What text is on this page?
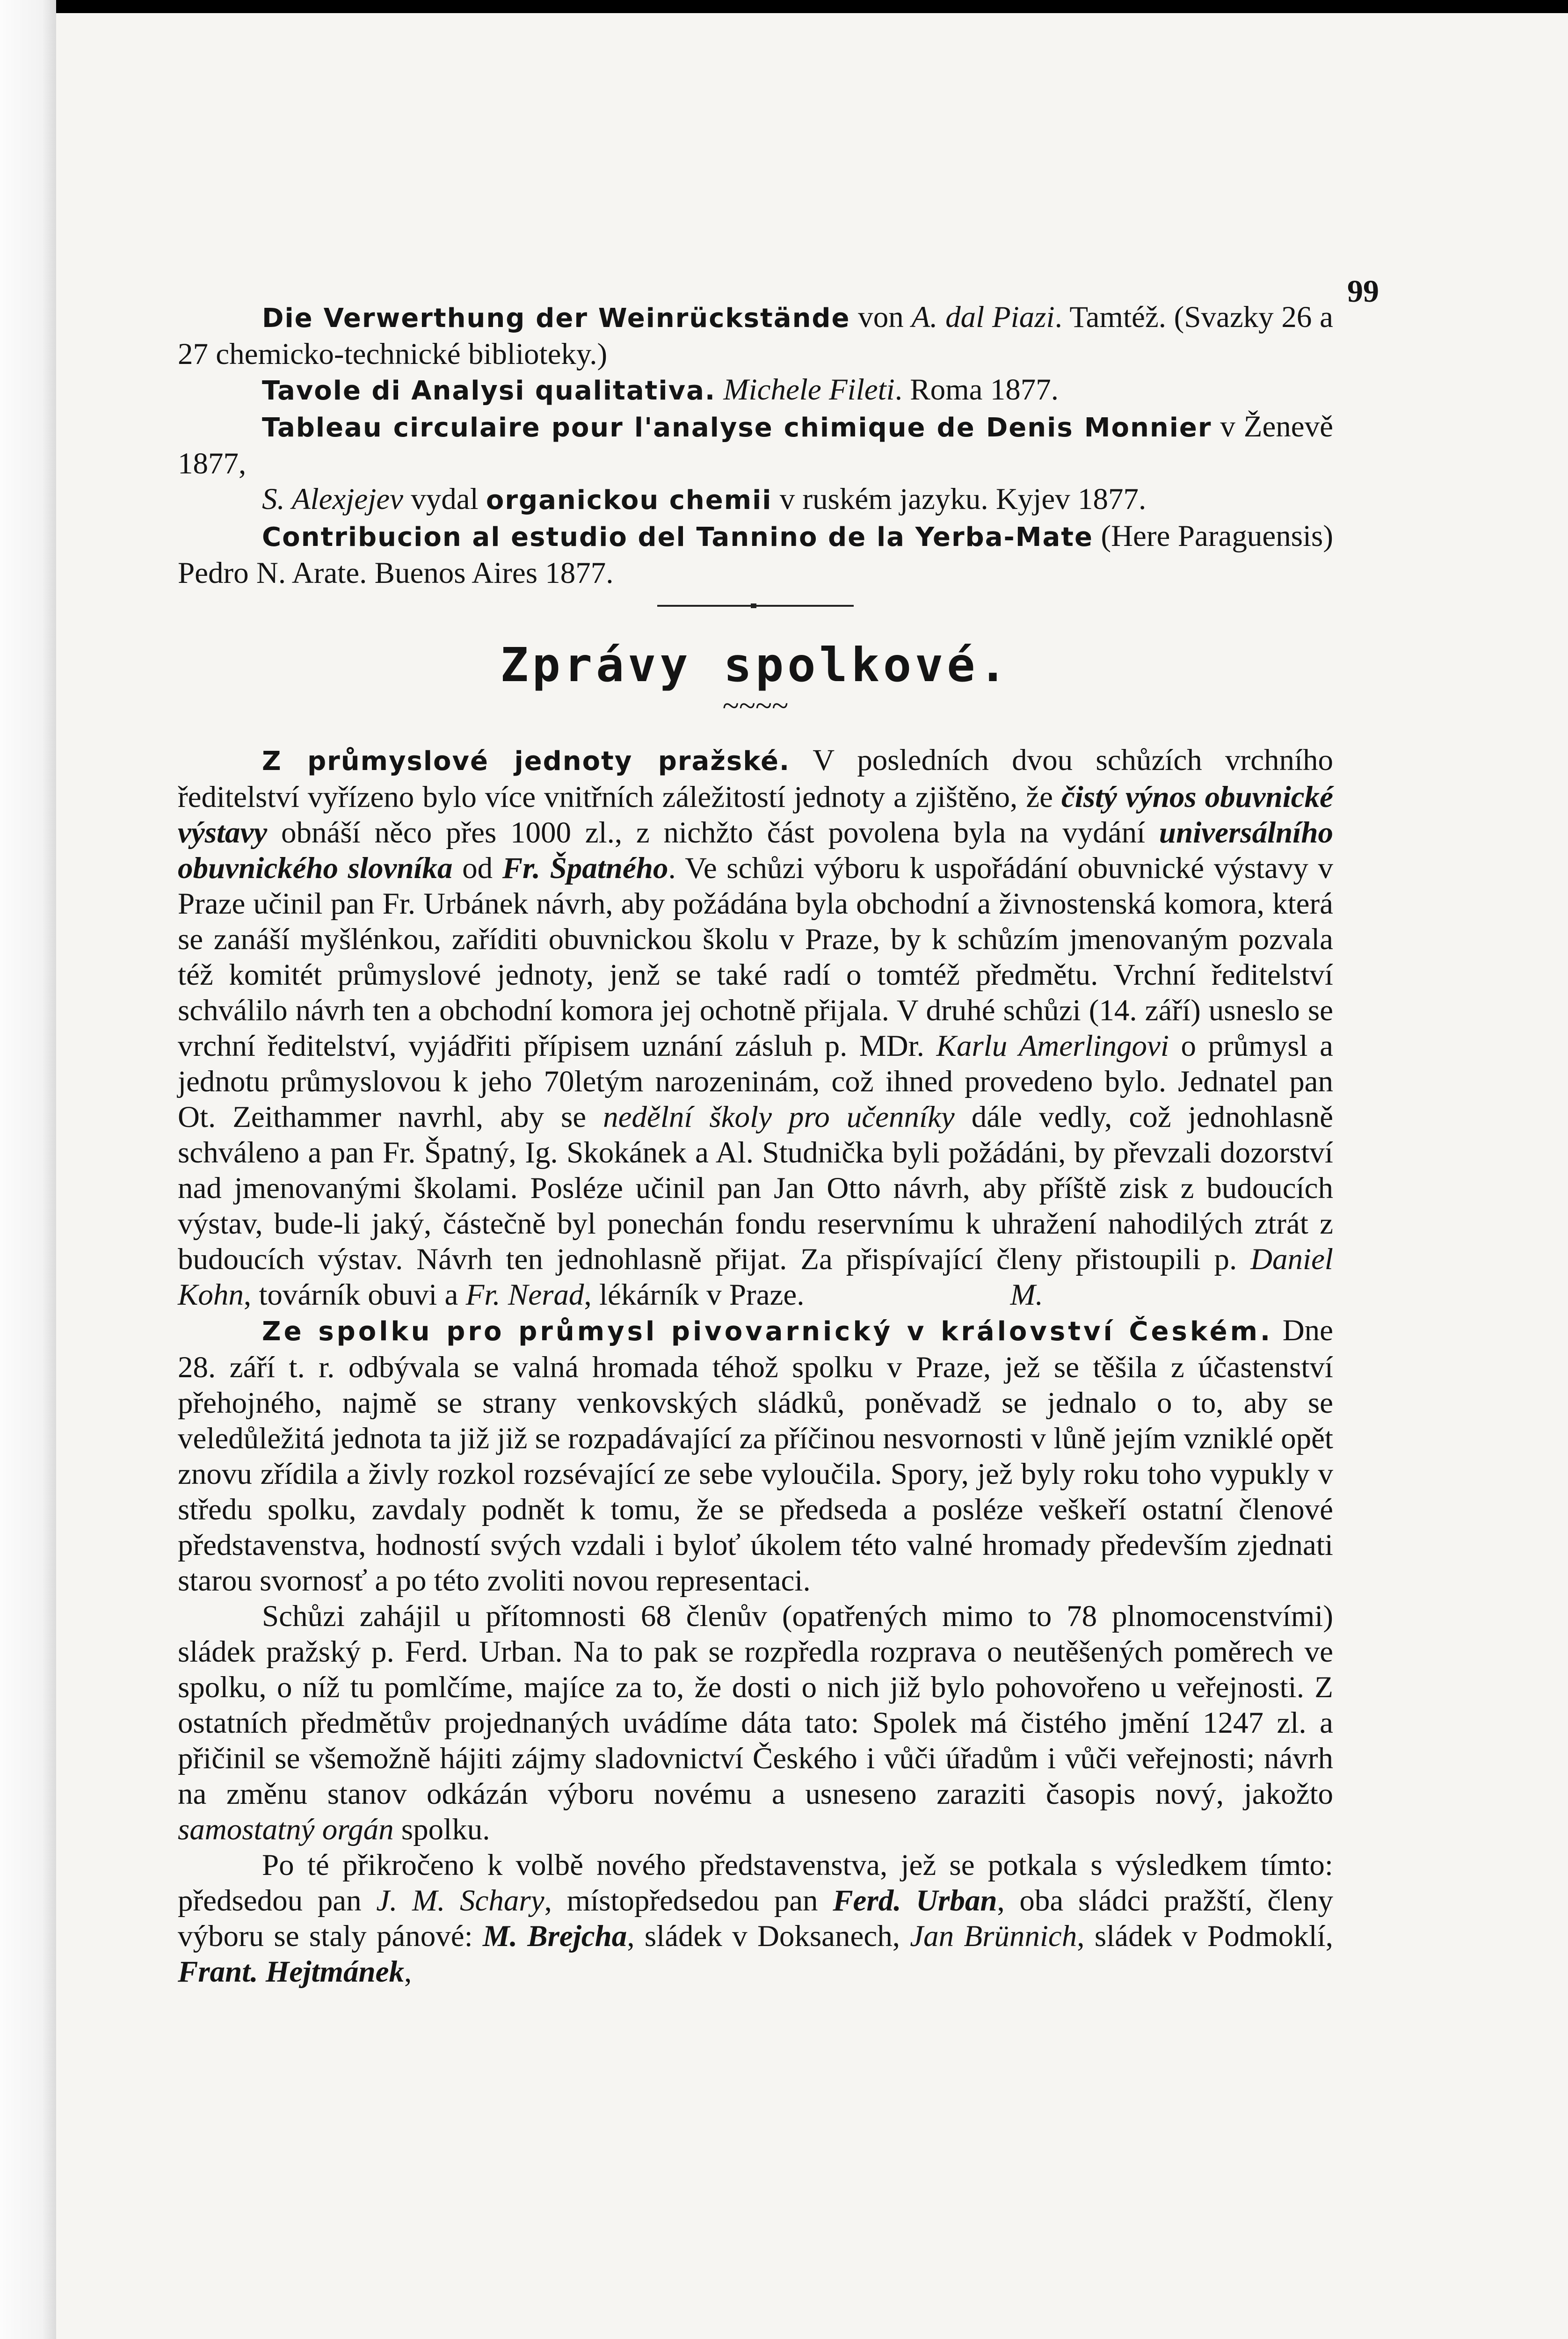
99

Die Verwerthung der Weinrückstände von A. dal Piazi. Tamtéž. (Svazky 26 a 27 chemicko-technické biblioteky.)

Tavole di Analysi qualitativa. Michele Fileti. Roma 1877.

Tableau circulaire pour l'analyse chimique de Denis Monnier v Ženevě 1877,

S. Alexjejev vydal organickou chemii v ruském jazyku. Kyjev 1877.

Contribucion al estudio del Tannino de la Yerba-Mate (Here Paraguensis) Pedro N. Arate. Buenos Aires 1877.

Zprávy spolkové.
~~~~

Z průmyslové jednoty pražské. V posledních dvou schůzích vrchního ředitelství vyřízeno bylo více vnitřních záležitostí jednoty a zjištěno, že čistý výnos obuvnické výstavy obnáší něco přes 1000 zl., z nichžto část povolena byla na vydání universálního obuvnického slovníka od Fr. Špatného. Ve schůzi výboru k uspořádání obuvnické výstavy v Praze učinil pan Fr. Urbánek návrh, aby požádána byla obchodní a živnostenská komora, která se zanáší myšlénkou, zaříditi obuvnickou školu v Praze, by k schůzím jmenovaným pozvala též komitét průmyslové jednoty, jenž se také radí o tomtéž předmětu. Vrchní ředitelství schválilo návrh ten a obchodní komora jej ochotně přijala. V druhé schůzi (14. září) usneslo se vrchní ředitelství, vyjádřiti přípisem uznání zásluh p. MDr. Karlu Amerlingovi o průmysl a jednotu průmyslovou k jeho 70letým narozeninám, což ihned provedeno bylo. Jednatel pan Ot. Zeithammer navrhl, aby se nedělní školy pro učenníky dále vedly, což jednohlasně schváleno a pan Fr. Špatný, Ig. Skokánek a Al. Studnička byli požádáni, by převzali dozorství nad jmenovanými školami. Posléze učinil pan Jan Otto návrh, aby příště zisk z budoucích výstav, bude-li jaký, částečně byl ponechán fondu reservnímu k uhražení nahodilých ztrát z budoucích výstav. Návrh ten jednohlasně přijat. Za přispívající členy přistoupili p. Daniel Kohn, továrník obuvi a Fr. Nerad, lékárník v Praze.	M.

Ze spolku pro průmysl pivovarnický v království Českém. Dne 28. září t. r. odbývala se valná hromada téhož spolku v Praze, jež se těšila z účastenství přehojného, najmě se strany venkovských sládků, poněvadž se jednalo o to, aby se veledůležitá jednota ta již již se rozpadávající za příčinou nesvornosti v lůně jejím vzniklé opět znovu zřídila a živly rozkol rozsévající ze sebe vyloučila. Spory, jež byly roku toho vypukly v středu spolku, zavdaly podnět k tomu, že se předseda a posléze veškeří ostatní členové představenstva, hodností svých vzdali i byloť úkolem této valné hromady především zjednati starou svornosť a po této zvoliti novou representaci.

Schůzi zahájil u přítomnosti 68 členův (opatřených mimo to 78 plnomocenstvími) sládek pražský p. Ferd. Urban. Na to pak se rozpředla rozprava o neutěšených poměrech ve spolku, o níž tu pomlčíme, majíce za to, že dosti o nich již bylo pohovořeno u veřejnosti. Z ostatních předmětův projednaných uvádíme dáta tato: Spolek má čistého jmění 1247 zl. a přičinil se všemožně hájiti zájmy sladovnictví Českého i vůči úřadům i vůči veřejnosti; návrh na změnu stanov odkázán výboru novému a usneseno zaraziti časopis nový, jakožto samostatný orgán spolku.

Po té přikročeno k volbě nového představenstva, jež se potkala s výsledkem tímto: předsedou pan J. M. Schary, místopředsedou pan Ferd. Urban, oba sládci pražští, členy výboru se staly pánové: M. Brejcha, sládek v Doksanech, Jan Brünnich, sládek v Podmoklí, Frant. Hejtmánek,
